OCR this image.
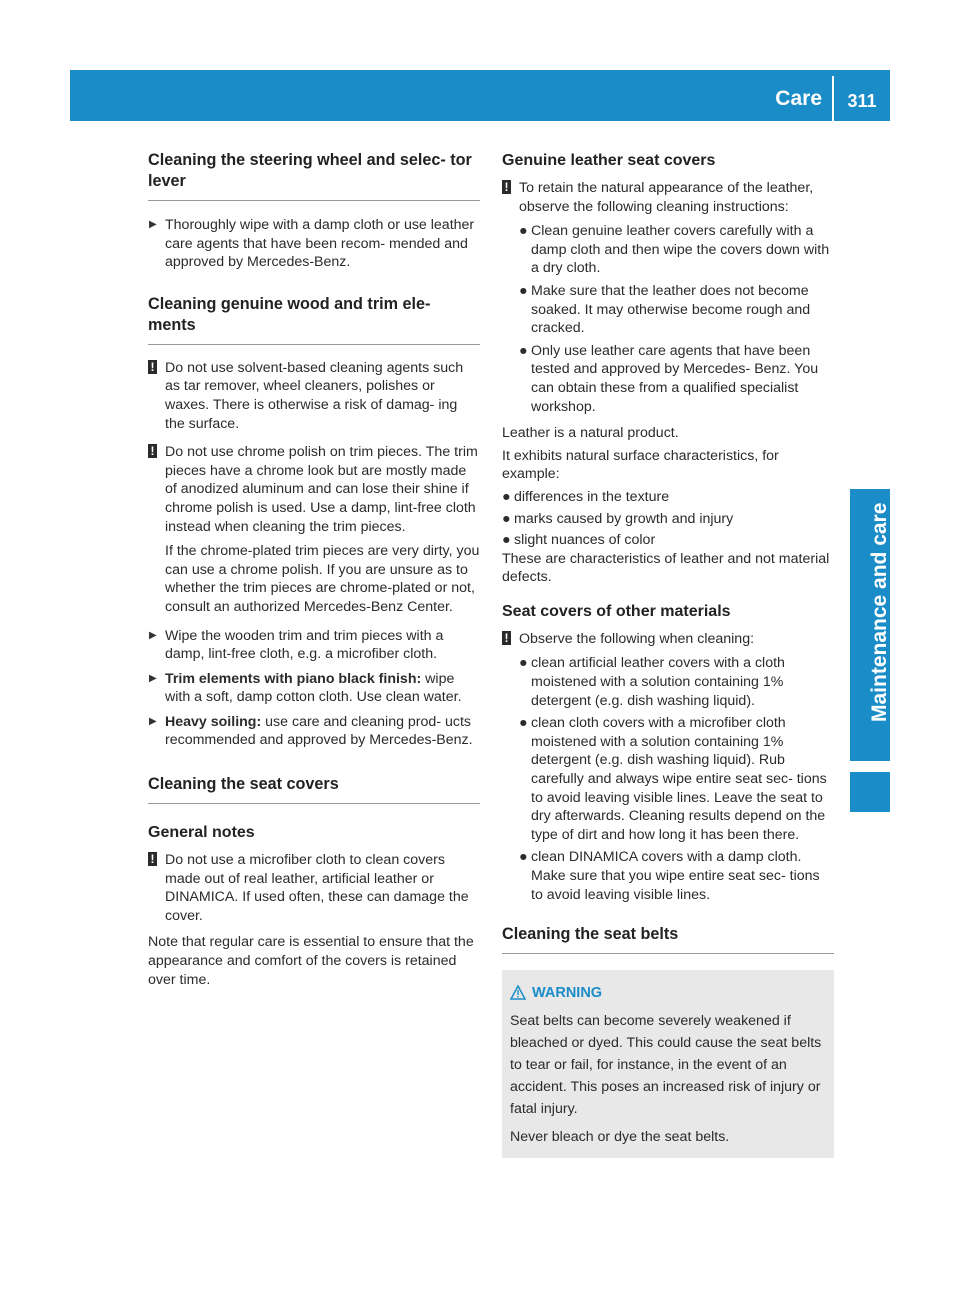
Care	311
Maintenance and care
Cleaning the steering wheel and selec- tor lever
▶ Thoroughly wipe with a damp cloth or use leather care agents that have been recom- mended and approved by Mercedes-Benz.
Cleaning genuine wood and trim ele- ments
! Do not use solvent-based cleaning agents such as tar remover, wheel cleaners, polishes or waxes. There is otherwise a risk of damag- ing the surface.
! Do not use chrome polish on trim pieces. The trim pieces have a chrome look but are mostly made of anodized aluminum and can lose their shine if chrome polish is used. Use a damp, lint-free cloth instead when cleaning the trim pieces.

If the chrome-plated trim pieces are very dirty, you can use a chrome polish. If you are unsure as to whether the trim pieces are chrome-plated or not, consult an authorized Mercedes-Benz Center.

▶ Wipe the wooden trim and trim pieces with a damp, lint-free cloth, e.g. a microfiber cloth.
▶ Trim elements with piano black finish: wipe with a soft, damp cotton cloth. Use clean water.
▶ Heavy soiling: use care and cleaning prod- ucts recommended and approved by Mercedes-Benz.
Cleaning the seat covers
General notes
! Do not use a microfiber cloth to clean covers made out of real leather, artificial leather or DINAMICA. If used often, these can damage the cover.

Note that regular care is essential to ensure that the appearance and comfort of the covers is retained over time.

Genuine leather seat covers
! To retain the natural appearance of the leather, observe the following cleaning instructions:
● Clean genuine leather covers carefully with a damp cloth and then wipe the covers down with a dry cloth.
● Make sure that the leather does not become soaked. It may otherwise become rough and cracked.
● Only use leather care agents that have been tested and approved by Mercedes- Benz. You can obtain these from a qualified specialist workshop.

Leather is a natural product.

It exhibits natural surface characteristics, for example:

● differences in the texture
● marks caused by growth and injury
● slight nuances of color

These are characteristics of leather and not material defects.

Seat covers of other materials
! Observe the following when cleaning:
● clean artificial leather covers with a cloth moistened with a solution containing 1% detergent (e.g. dish washing liquid).
● clean cloth covers with a microfiber cloth moistened with a solution containing 1% detergent (e.g. dish washing liquid). Rub carefully and always wipe entire seat sec- tions to avoid leaving visible lines. Leave the seat to dry afterwards. Cleaning results depend on the type of dirt and how long it has been there.
● clean DINAMICA covers with a damp cloth. Make sure that you wipe entire seat sec- tions to avoid leaving visible lines.
Cleaning the seat belts
WARNING

Seat belts can become severely weakened if bleached or dyed. This could cause the seat belts to tear or fail, for instance, in the event of an accident. This poses an increased risk of injury or fatal injury.

Never bleach or dye the seat belts.
